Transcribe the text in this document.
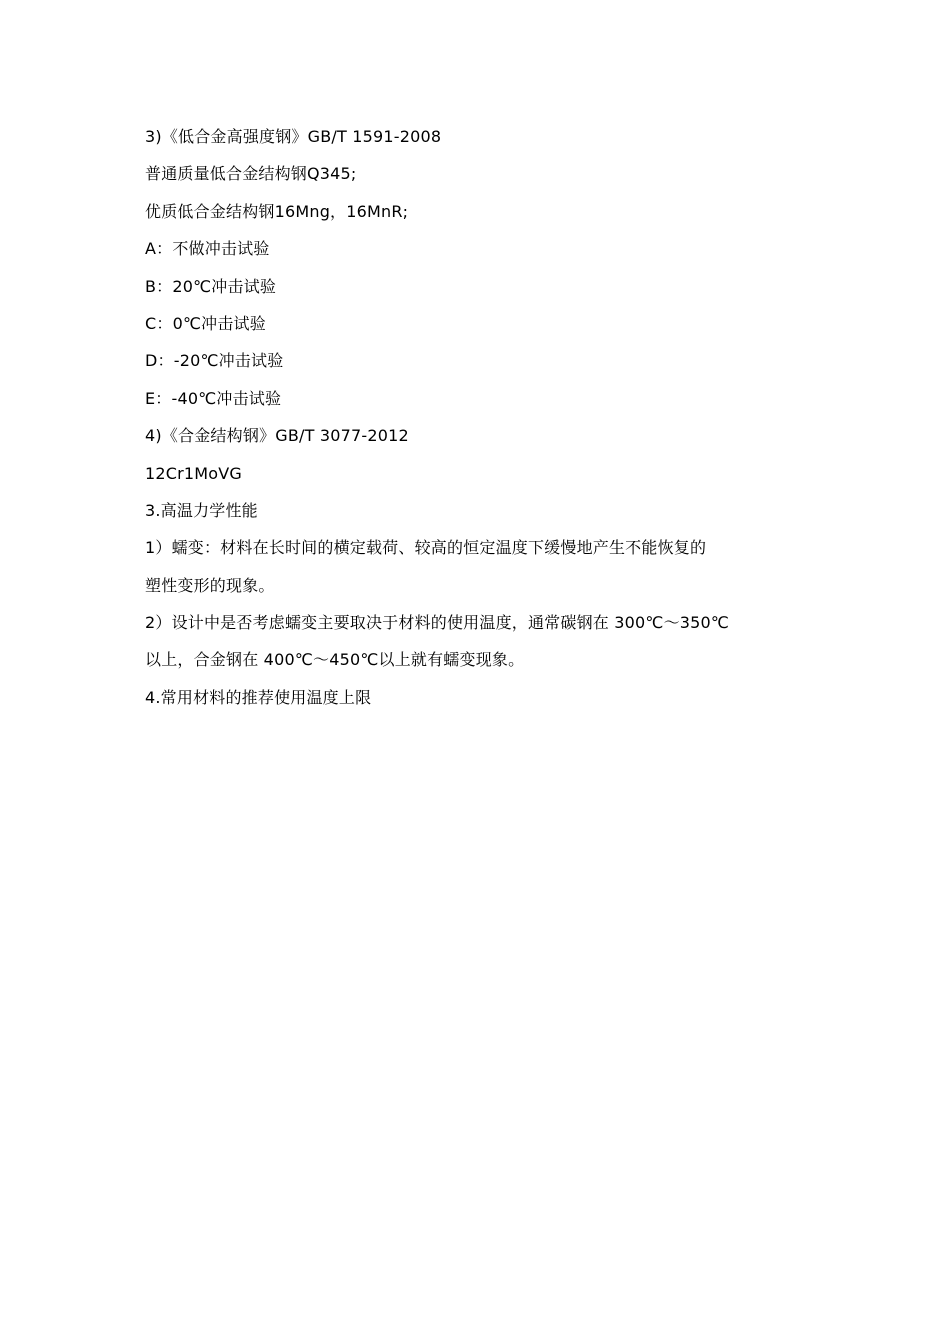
3)《低合金高强度钢》GB/T 1591-2008
普通质量低合金结构钢Q345;
优质低合金结构钢16Mng，16MnR;
A：不做冲击试验
B：20℃冲击试验
C：0℃冲击试验
D：-20℃冲击试验
E：-40℃冲击试验
4)《合金结构钢》GB/T 3077-2012
12Cr1MoVG
3.高温力学性能
1）蠕变：材料在长时间的横定载荷、较高的恒定温度下缓慢地产生不能恢复的
塑性变形的现象。
2）设计中是否考虑蠕变主要取决于材料的使用温度，通常碳钢在 300℃～350℃
以上，合金钢在 400℃～450℃以上就有蠕变现象。
4.常用材料的推荐使用温度上限
